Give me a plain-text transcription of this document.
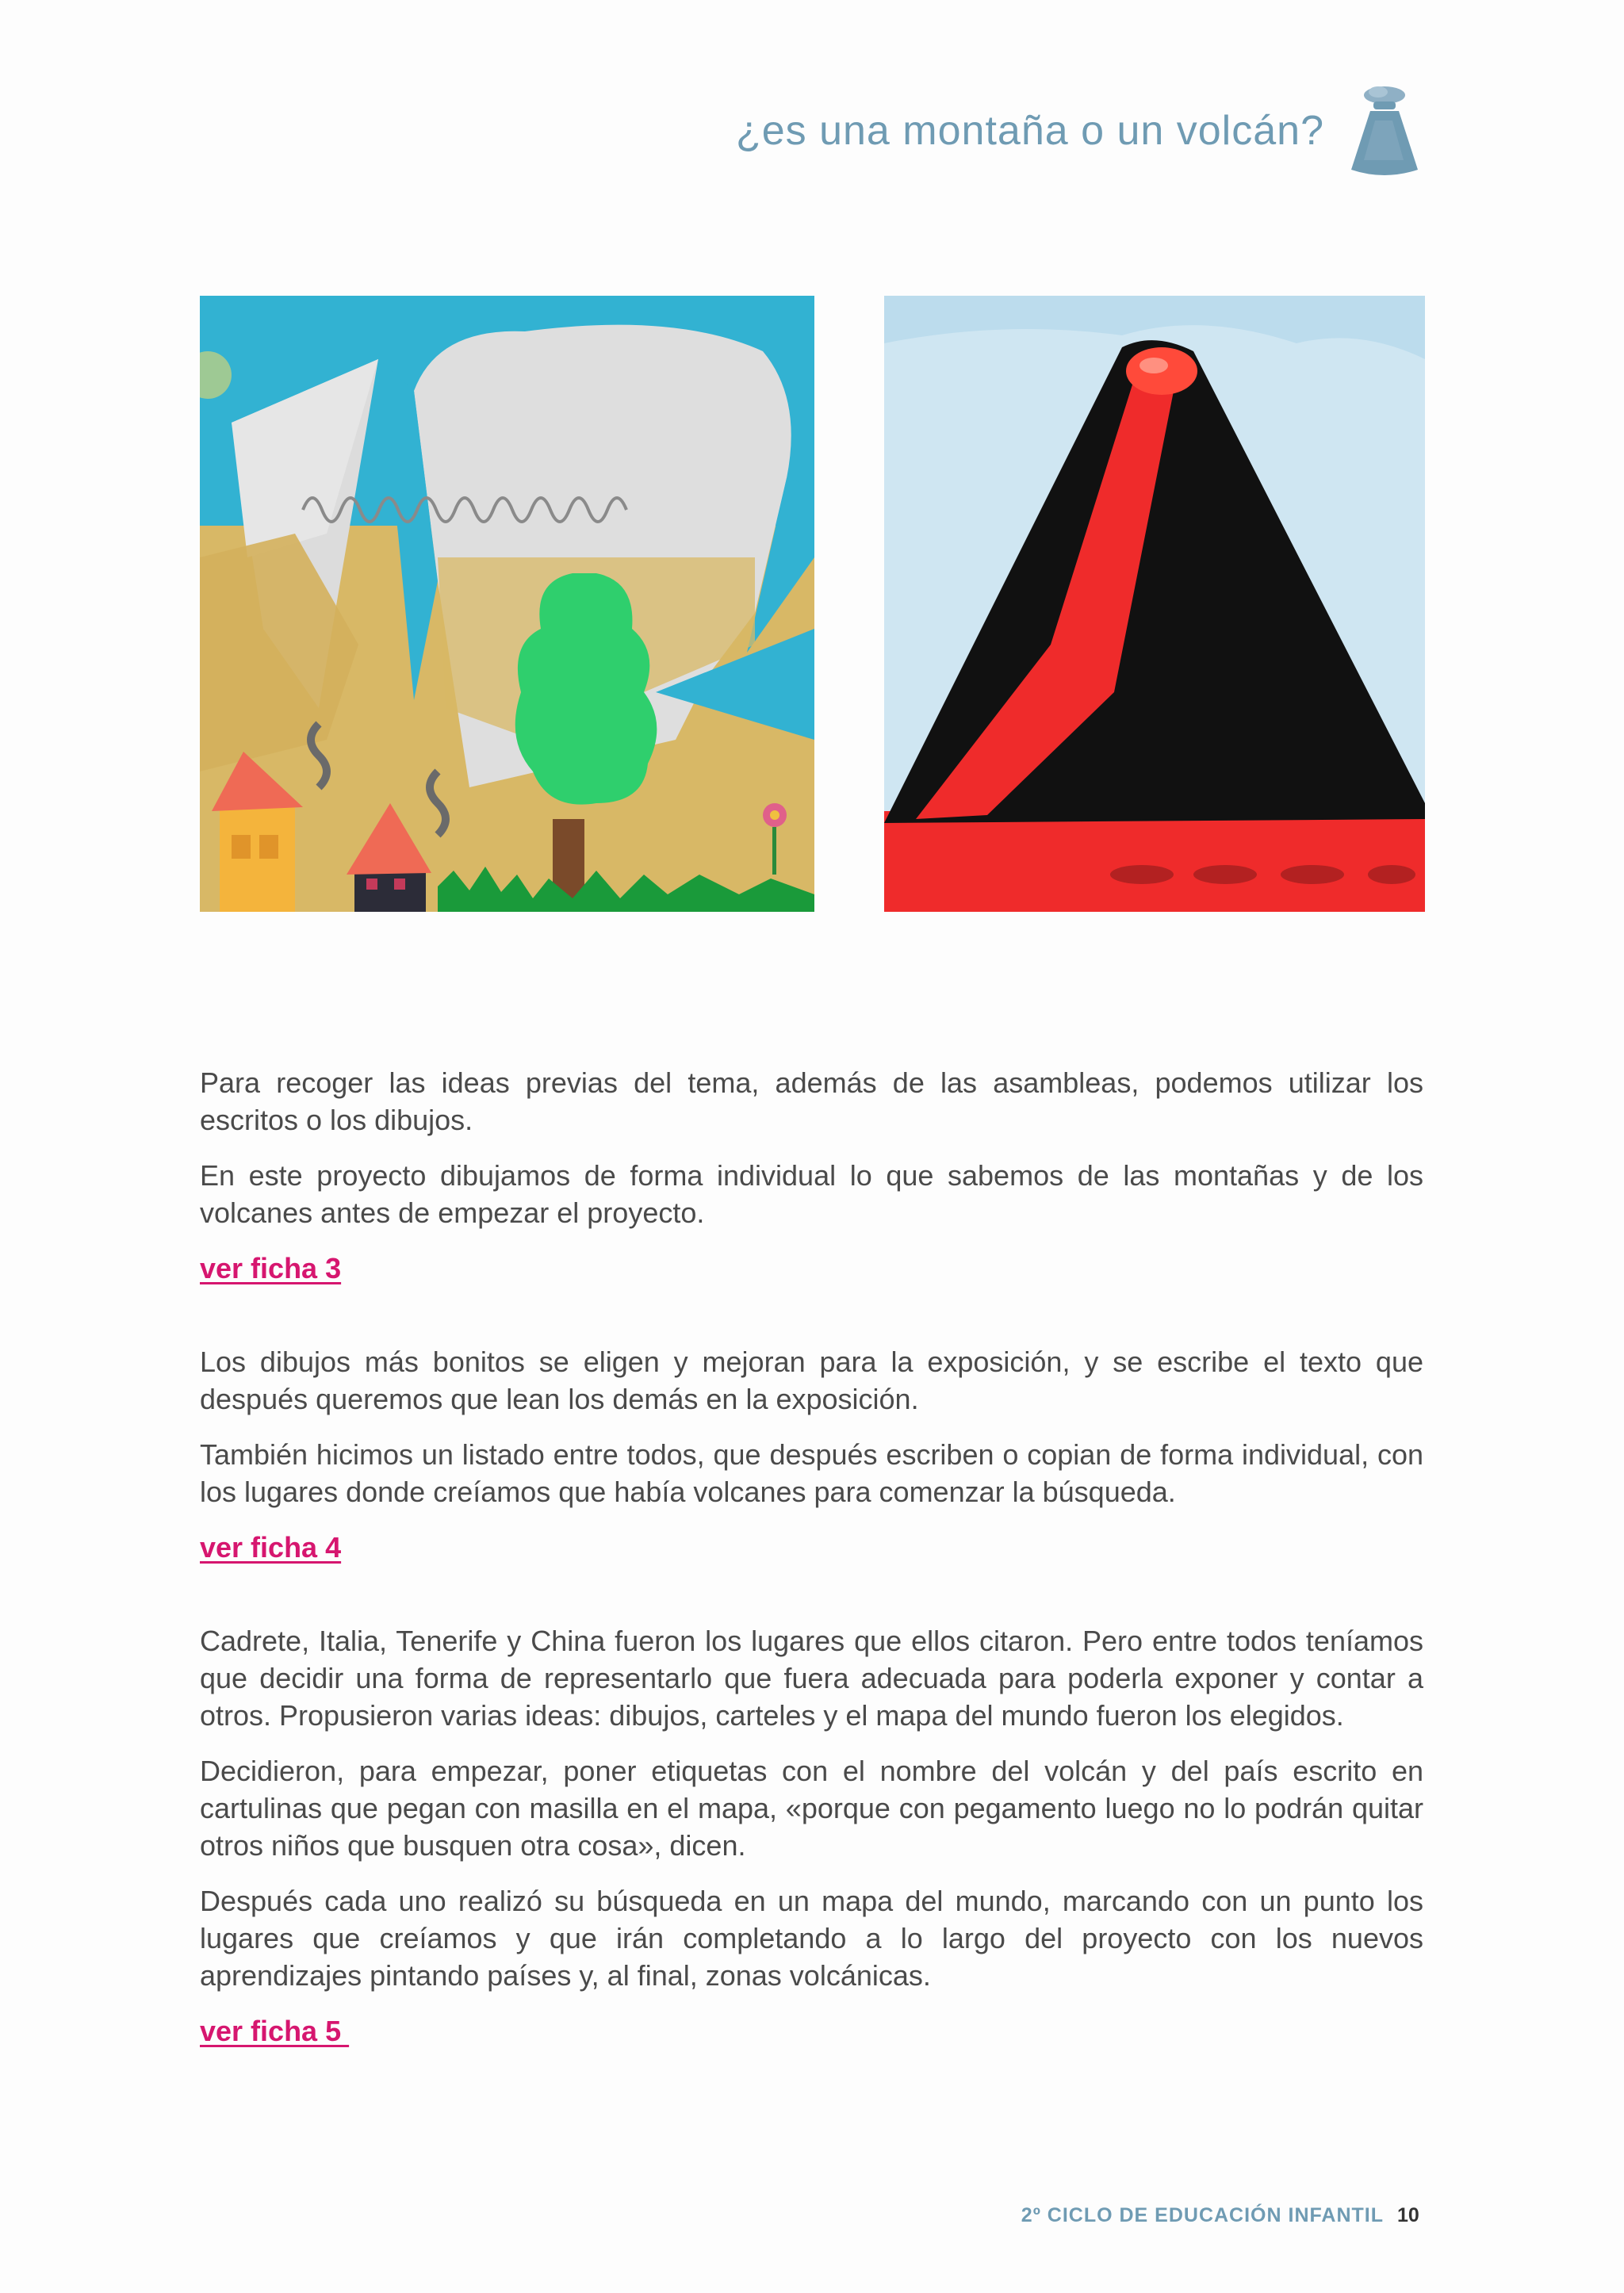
¿es una montaña o un volcán?

Para recoger las ideas previas del tema, además de las asambleas, podemos utilizar los escritos o los dibujos.

En este proyecto dibujamos de forma individual lo que sabemos de las montañas y de los volcanes antes de empezar el proyecto.

ver ficha 3

Los dibujos más bonitos se eligen y mejoran para la exposición, y se escribe el texto que después queremos que lean los demás en la exposición.

También hicimos un listado entre todos, que después escriben o copian de forma individual, con los lugares donde creíamos que había volcanes para comenzar la búsqueda.

ver ficha 4

Cadrete, Italia, Tenerife y China fueron los lugares que ellos citaron. Pero entre todos teníamos que decidir una forma de representarlo que fuera adecuada para poderla exponer y contar a otros. Propusieron varias ideas: dibujos, carteles y el mapa del mundo fueron los elegidos.

Decidieron, para empezar, poner etiquetas con el nombre del volcán y del país escrito en cartulinas que pegan con masilla en el mapa, «porque con pegamento luego no lo podrán quitar otros niños que busquen otra cosa», dicen.

Después cada uno realizó su búsqueda en un mapa del mundo, marcando con un punto los lugares que creíamos y que irán completando a lo largo del proyecto con los nuevos aprendizajes pintando países y, al final, zonas volcánicas.

ver ficha 5
2º CICLO DE EDUCACIÓN INFANTIL 10
